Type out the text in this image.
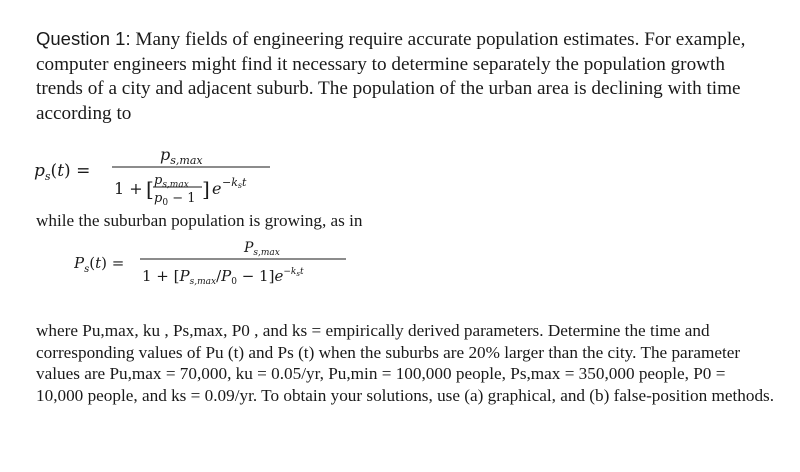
Question 1: Many fields of engineering require accurate population estimates. For example, computer engineers might find it necessary to determine separately the population growth trends of a city and adjacent suburb. The population of the urban area is declining with time according to
$p_s(t)$ =
$p_{s,max}$
1 + [ $p_{s,max}$
$p_0 - 1$ ] e −kst
while the suburban population is growing, as in
$P_s(t)$ =
$P_{s,max}$
$1 + [P_{s,max}/P_0 - 1]e^{-k}st$
where Pu,max, ku , Ps,max, P0 , and ks = empirically derived parameters. Determine the time and corresponding values of Pu (t) and Ps (t) when the suburbs are 20% larger than the city. The parameter values are Pu,max = 70,000, ku = 0.05/yr, Pu,min = 100,000 people, Ps,max = 350,000 people, P0 = 10,000 people, and ks = 0.09/yr. To obtain your solutions, use (a) graphical, and (b) false-position methods.
